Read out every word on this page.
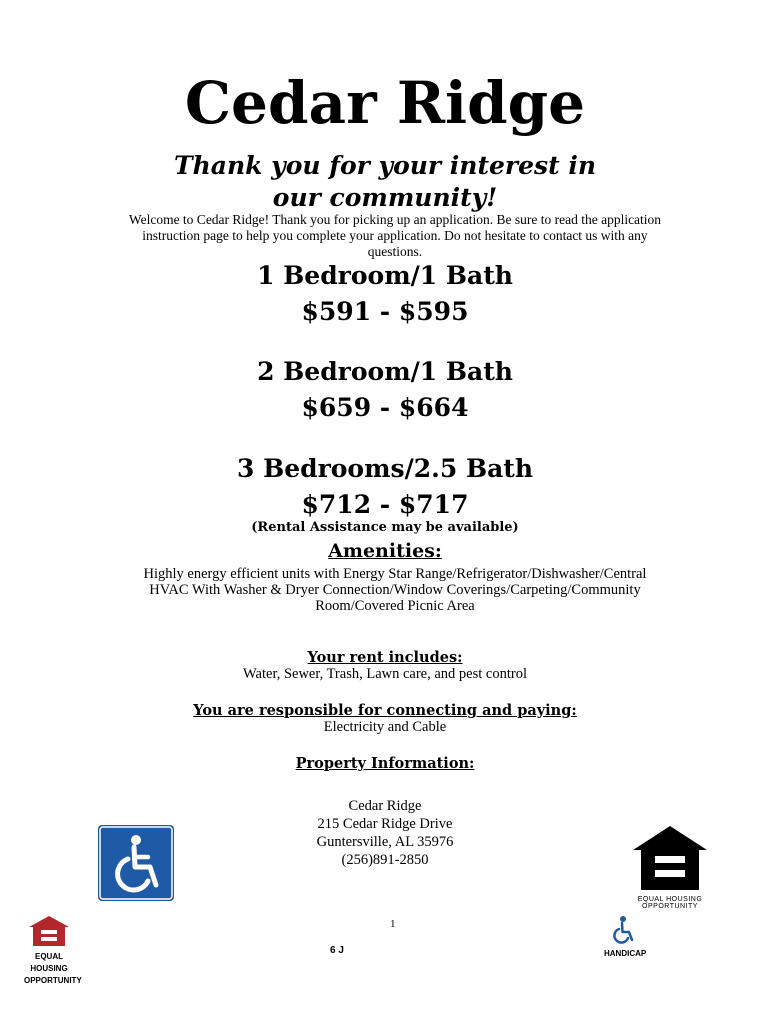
Cedar Ridge
Thank you for your interest in
our community!
Welcome to Cedar Ridge! Thank you for picking up an application. Be sure to read the application instruction page to help you complete your application. Do not hesitate to contact us with any questions.
1 Bedroom/1 Bath
$591 - $595
2 Bedroom/1 Bath
$659 - $664
3 Bedrooms/2.5 Bath
$712 - $717
(Rental Assistance may be available)
Amenities:
Highly energy efficient units with Energy Star Range/Refrigerator/Dishwasher/Central HVAC With Washer & Dryer Connection/Window Coverings/Carpeting/Community Room/Covered Picnic Area
Your rent includes:
Water, Sewer, Trash, Lawn care, and pest control
You are responsible for connecting and paying:
Electricity and Cable
Property Information:
Cedar Ridge
215 Cedar Ridge Drive
Guntersville, AL 35976
(256)891-2850
EQUAL HOUSING
OPPORTUNITY
1
EQUAL HOUSING
OPPORTUNITY
6 J	HANDICAP
